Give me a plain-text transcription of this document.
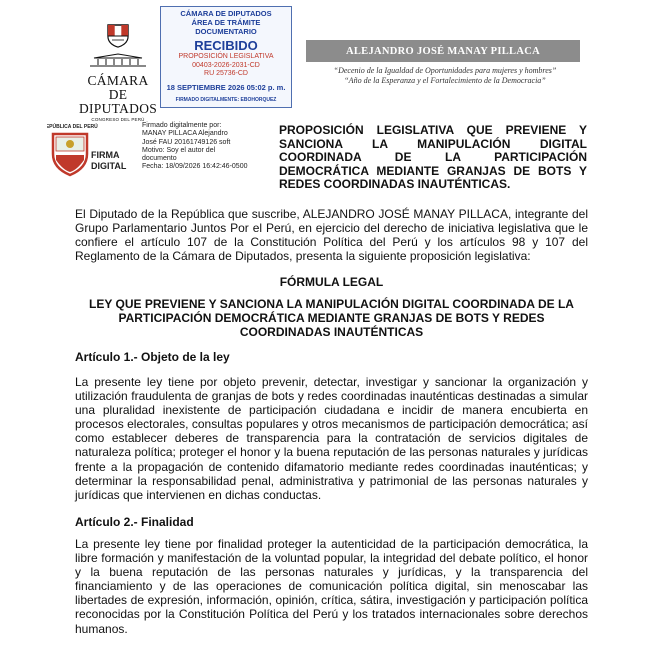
CÁMARA DE
DIPUTADOS
CONGRESO DEL PERÚ
CÁMARA DE DIPUTADOS
ÁREA DE TRÁMITE DOCUMENTARIO
RECIBIDO
PROPOSICIÓN LEGISLATIVA
00403-2026-2031-CD
RU 25736-CD
18 SEPTIEMBRE 2026 05:02 p. m.
FIRMADO DIGITALMENTE: EBOHORQUEZ
ALEJANDRO JOSÉ MANAY PILLACA
“Decenio de la Igualdad de Oportunidades para mujeres y hombres”
“Año de la Esperanza y el Fortalecimiento de la Democracia”
REPÚBLICA DEL PERÚ
FIRMA
DIGITAL
Firmado digitalmente por:
MANAY PILLACA Alejandro
José FAU 20161749126 soft
Motivo: Soy el autor del
documento
Fecha: 18/09/2026 16:42:46-0500
PROPOSICIÓN LEGISLATIVA QUE PREVIENE Y SANCIONA LA MANIPULACIÓN DIGITAL COORDINADA DE LA PARTICIPACIÓN DEMOCRÁTICA MEDIANTE GRANJAS DE BOTS Y REDES COORDINADAS INAUTÉNTICAS.
El Diputado de la República que suscribe, ALEJANDRO JOSÉ MANAY PILLACA, integrante del Grupo Parlamentario Juntos Por el Perú, en ejercicio del derecho de iniciativa legislativa que le confiere el artículo 107 de la Constitución Política del Perú y los artículos 98 y 107 del Reglamento de la Cámara de Diputados, presenta la siguiente proposición legislativa:
FÓRMULA LEGAL
LEY QUE PREVIENE Y SANCIONA LA MANIPULACIÓN DIGITAL COORDINADA DE LA PARTICIPACIÓN DEMOCRÁTICA MEDIANTE GRANJAS DE BOTS Y REDES COORDINADAS INAUTÉNTICAS
Artículo 1.- Objeto de la ley
La presente ley tiene por objeto prevenir, detectar, investigar y sancionar la organización y utilización fraudulenta de granjas de bots y redes coordinadas inauténticas destinadas a simular una pluralidad inexistente de participación ciudadana e incidir de manera encubierta en procesos electorales, consultas populares y otros mecanismos de participación democrática; así como establecer deberes de transparencia para la contratación de servicios digitales de naturaleza política; proteger el honor y la buena reputación de las personas naturales y jurídicas frente a la propagación de contenido difamatorio mediante redes coordinadas inauténticas; y determinar la responsabilidad penal, administrativa y patrimonial de las personas naturales y jurídicas que intervienen en dichas conductas.
Artículo 2.- Finalidad
La presente ley tiene por finalidad proteger la autenticidad de la participación democrática, la libre formación y manifestación de la voluntad popular, la integridad del debate político, el honor y la buena reputación de las personas naturales y jurídicas, y la transparencia del financiamiento y de las operaciones de comunicación política digital, sin menoscabar las libertades de expresión, información, opinión, crítica, sátira, investigación y participación política reconocidas por la Constitución Política del Perú y los tratados internacionales sobre derechos humanos.
